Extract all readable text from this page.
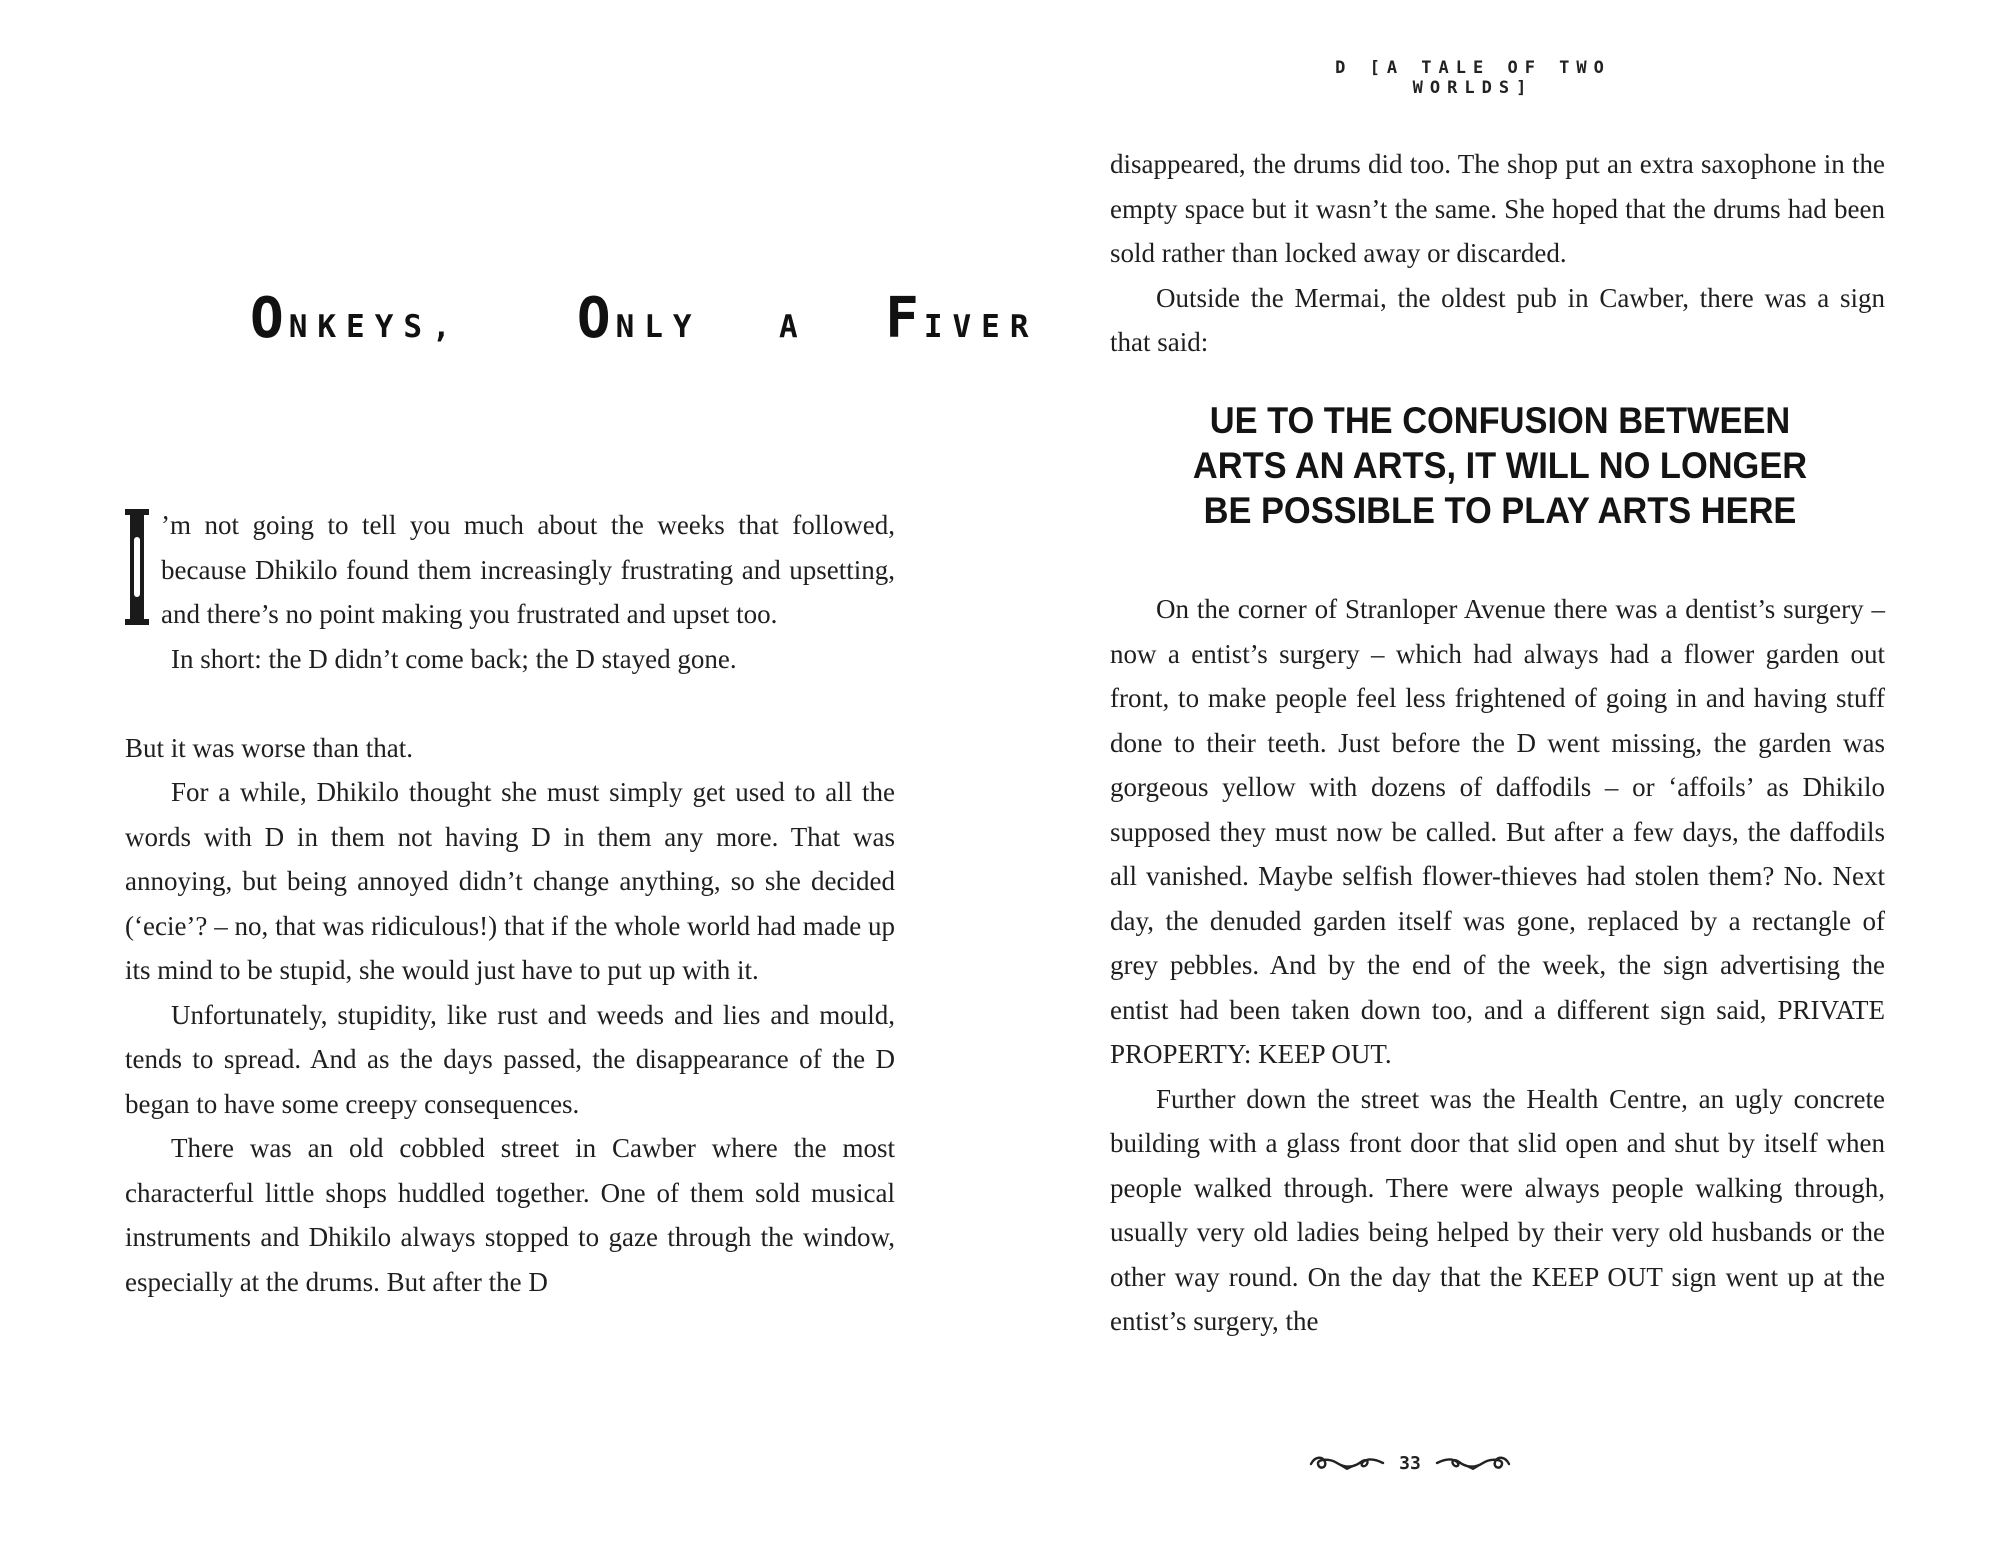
ONKEYS, ONLY A FIVER

’m not going to tell you much about the weeks that followed, because Dhikilo found them increasingly frustrating and upsetting, and there’s no point making you frustrated and upset too.

In short: the D didn’t come back; the D stayed gone.

But it was worse than that.

For a while, Dhikilo thought she must simply get used to all the words with D in them not having D in them any more. That was annoying, but being annoyed didn’t change anything, so she decided (‘ecie’? – no, that was ridiculous!) that if the whole world had made up its mind to be stupid, she would just have to put up with it.

Unfortunately, stupidity, like rust and weeds and lies and mould, tends to spread. And as the days passed, the disappearance of the D began to have some creepy consequences.

There was an old cobbled street in Cawber where the most characterful little shops huddled together. One of them sold musical instruments and Dhikilo always stopped to gaze through the window, especially at the drums. But after the D

D [A TALE OF TWO WORLDS]

disappeared, the drums did too. The shop put an extra saxophone in the empty space but it wasn’t the same. She hoped that the drums had been sold rather than locked away or discarded.

Outside the Mermai, the oldest pub in Cawber, there was a sign that said:

UE TO THE CONFUSION BETWEEN
ARTS AN ARTS, IT WILL NO LONGER
BE POSSIBLE TO PLAY ARTS HERE

On the corner of Stranloper Avenue there was a dentist’s surgery – now a entist’s surgery – which had always had a flower garden out front, to make people feel less frightened of going in and having stuff done to their teeth. Just before the D went missing, the garden was gorgeous yellow with dozens of daffodils – or ‘affoils’ as Dhikilo supposed they must now be called. But after a few days, the daffodils all vanished. Maybe selfish flower-thieves had stolen them? No. Next day, the denuded garden itself was gone, replaced by a rectangle of grey pebbles. And by the end of the week, the sign advertising the entist had been taken down too, and a different sign said, PRIVATE PROPERTY: KEEP OUT.

Further down the street was the Health Centre, an ugly concrete building with a glass front door that slid open and shut by itself when people walked through. There were always people walking through, usually very old ladies being helped by their very old husbands or the other way round. On the day that the KEEP OUT sign went up at the entist’s surgery, the

33
